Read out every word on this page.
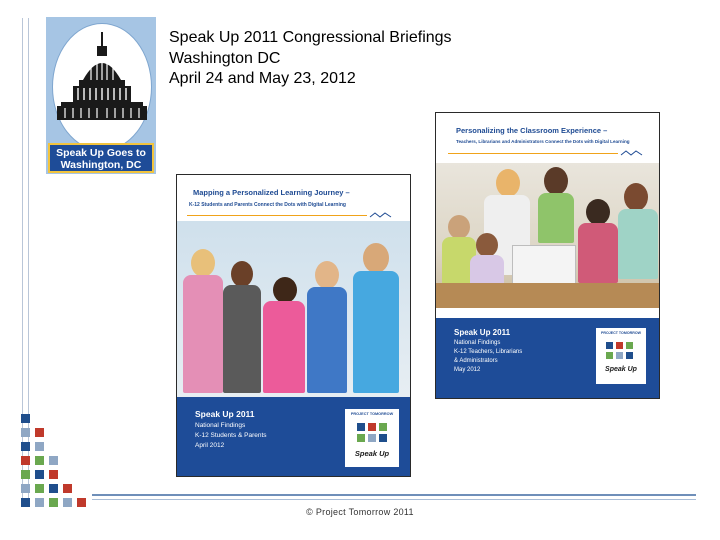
Speak Up Goes to
Washington, DC
Speak Up 2011 Congressional Briefings
Washington DC
April 24 and May 23, 2012
Personalizing the Classroom Experience –
Teachers, Librarians and Administrators Connect the Dots with Digital Learning
Speak Up 2011
National Findings
K-12 Teachers, Librarians
& Administrators
May 2012
PROJECT TOMORROW
Speak Up
Mapping a Personalized Learning Journey –
K-12 Students and Parents Connect the Dots with Digital Learning
Speak Up 2011
National Findings
K-12 Students & Parents
April 2012
PROJECT TOMORROW
Speak Up
© Project Tomorrow 2011
